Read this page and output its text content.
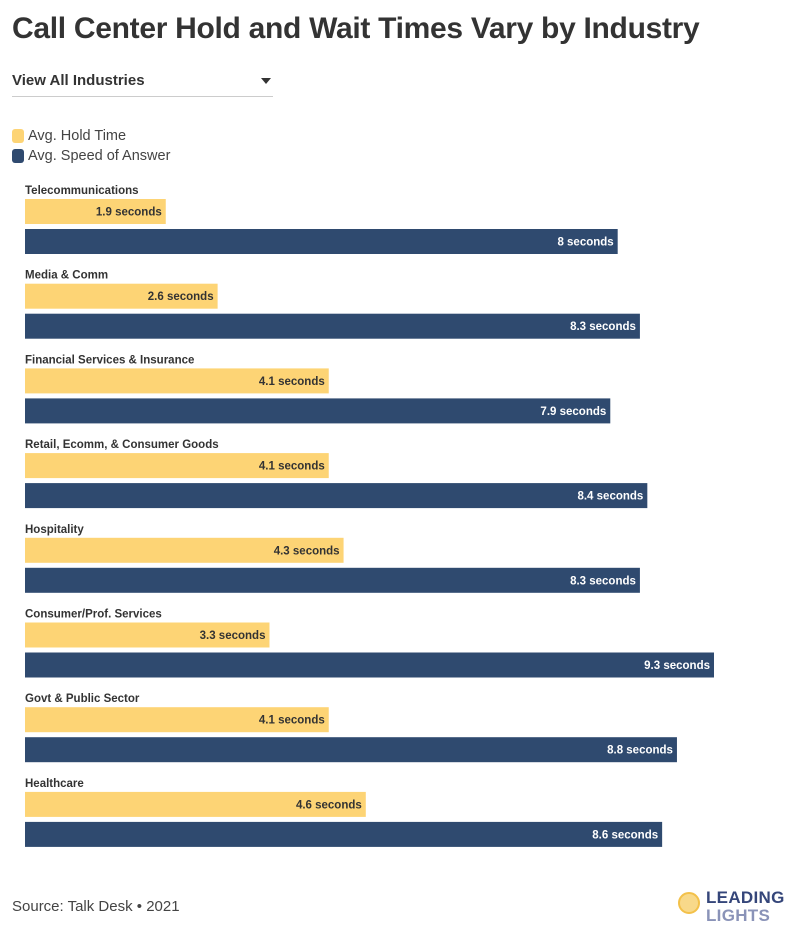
Call Center Hold and Wait Times Vary by Industry
View All Industries
Avg. Hold Time
Avg. Speed of Answer
Telecommunications
1.9 seconds
8 seconds
Media & Comm
2.6 seconds
8.3 seconds
Financial Services & Insurance
4.1 seconds
7.9 seconds
Retail, Ecomm, & Consumer Goods
4.1 seconds
8.4 seconds
Hospitality
4.3 seconds
8.3 seconds
Consumer/Prof. Services
3.3 seconds
9.3 seconds
Govt & Public Sector
4.1 seconds
8.8 seconds
Healthcare
4.6 seconds
8.6 seconds
Source: Talk Desk • 2021	LEADING
LIGHTS
